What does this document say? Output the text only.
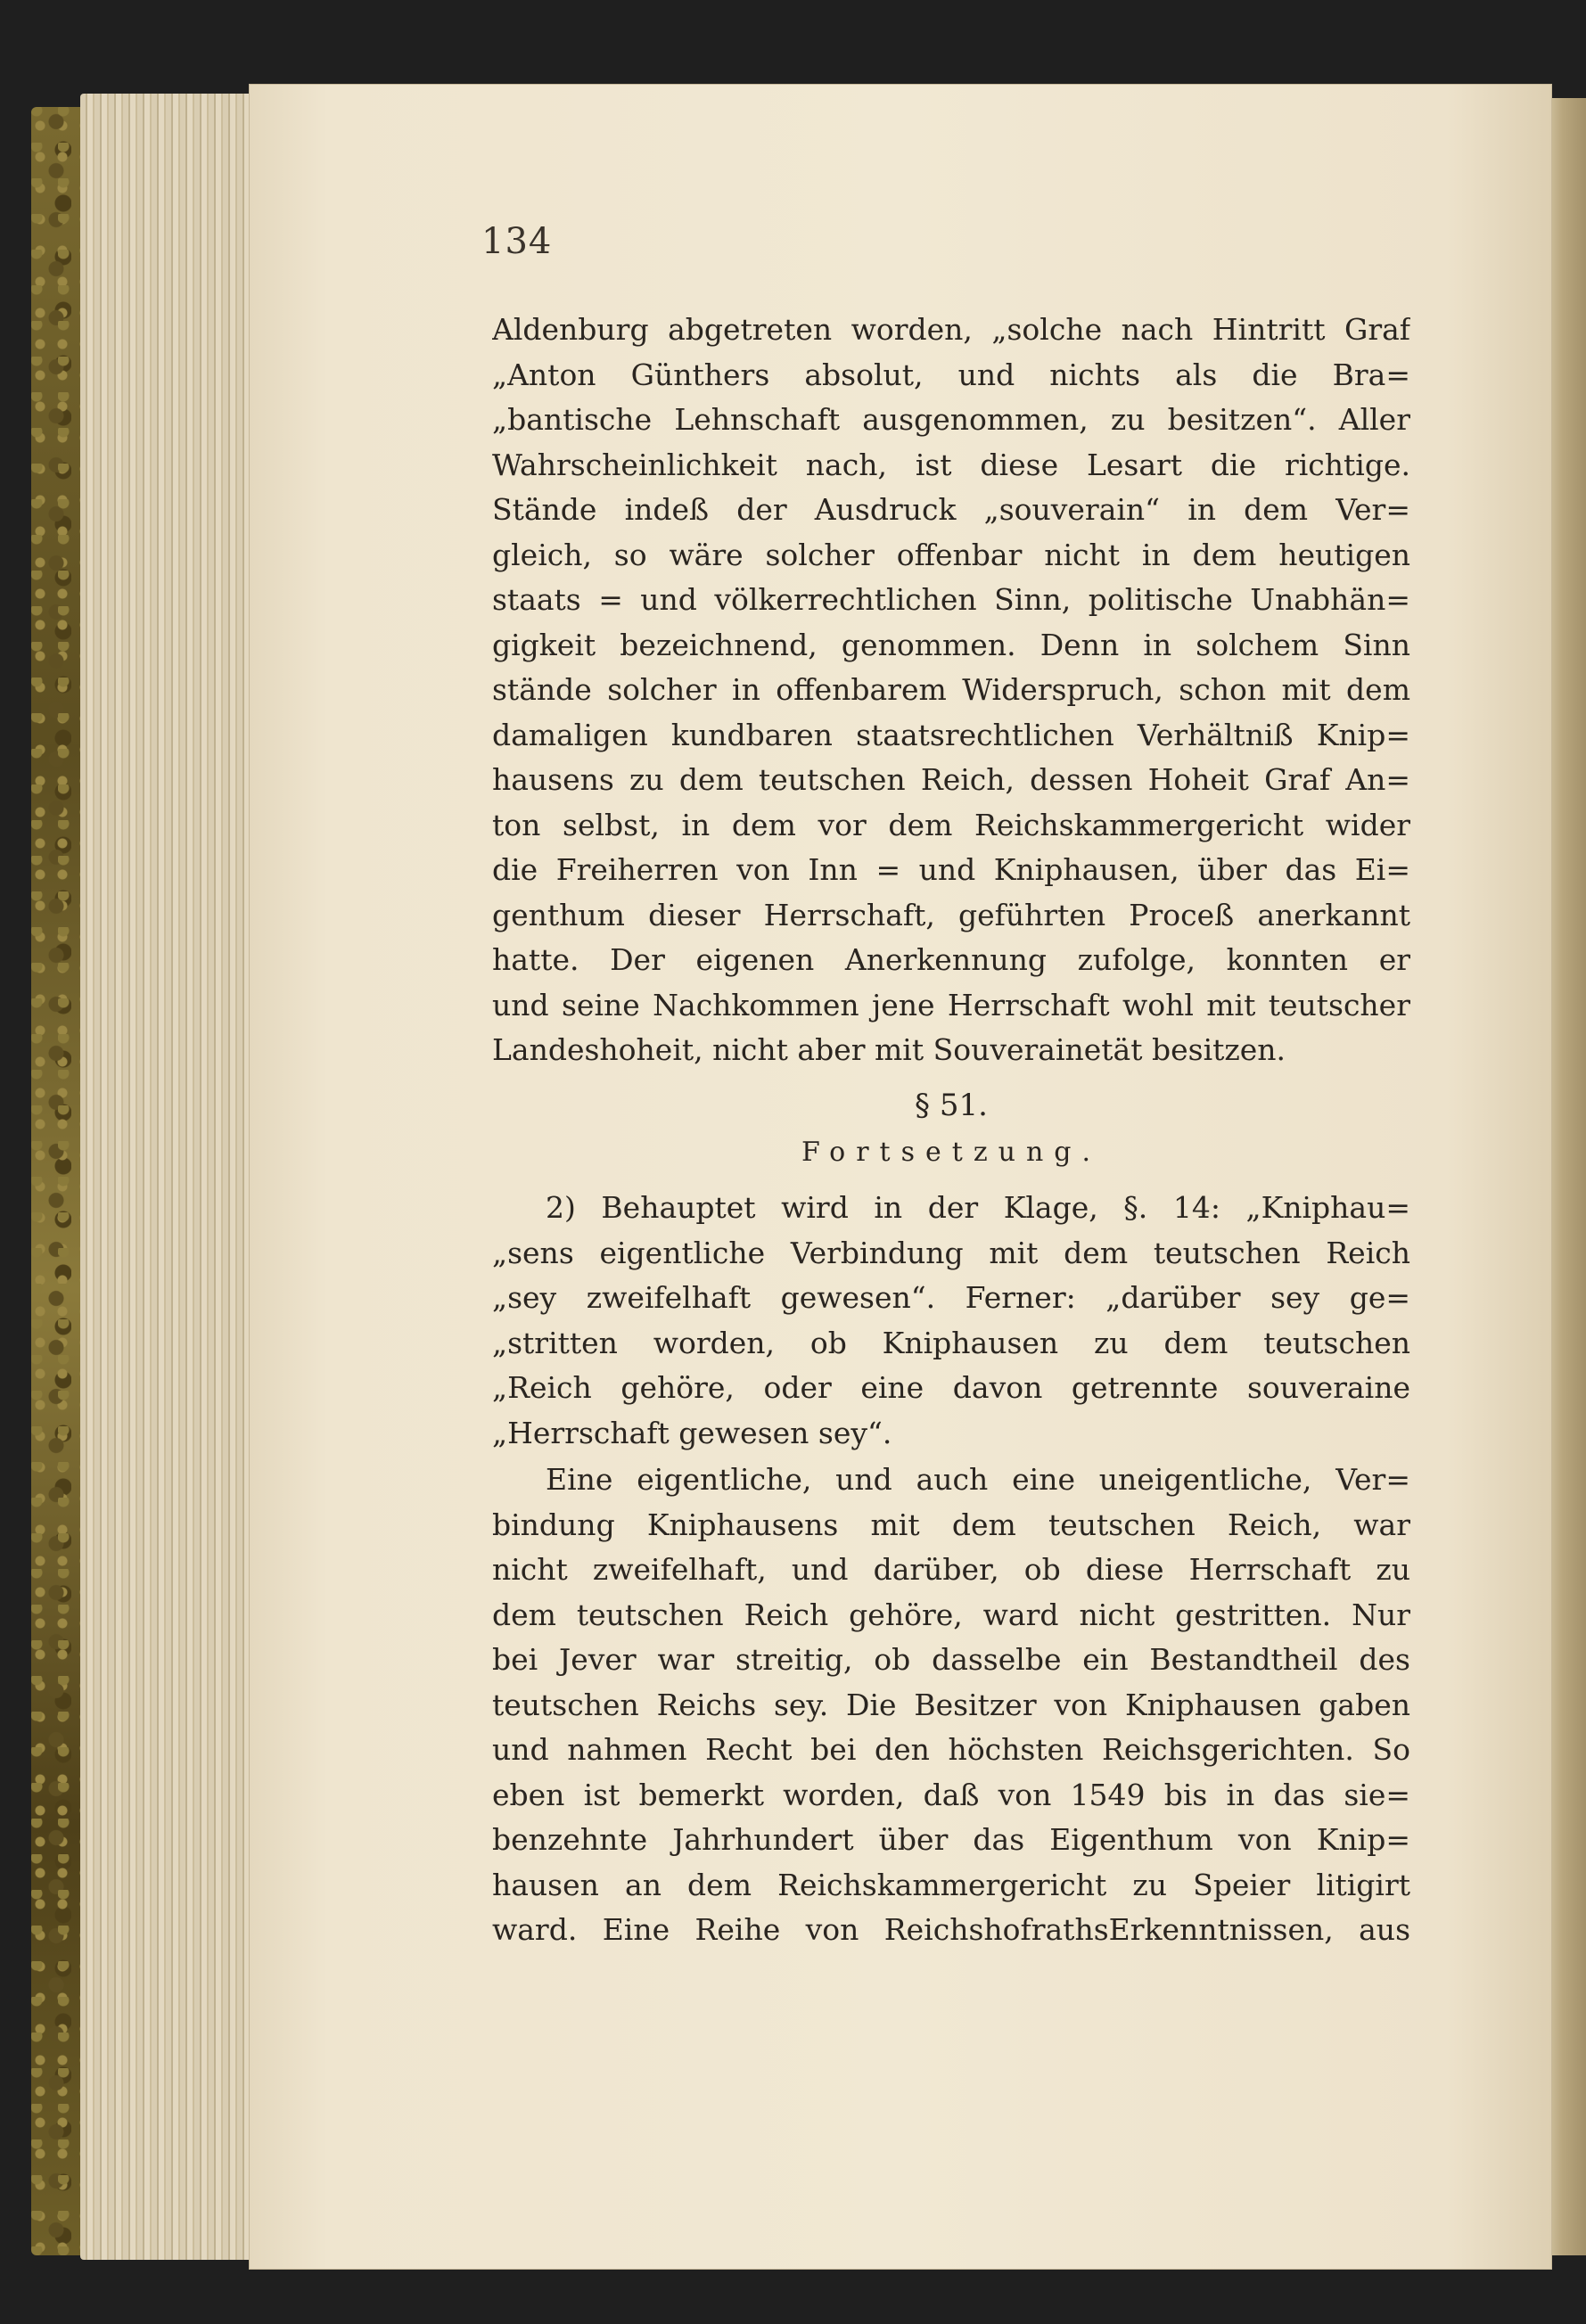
134
Aldenburg abgetreten worden, „solche nach Hintritt Graf
„Anton Günthers absolut, und nichts als die Bra=
„bantische Lehnschaft ausgenommen, zu besitzen“. Aller
Wahrscheinlichkeit nach, ist diese Lesart die richtige.
Stände indeß der Ausdruck „souverain“ in dem Ver=
gleich, so wäre solcher offenbar nicht in dem heutigen
staats = und völkerrechtlichen Sinn, politische Unabhän=
gigkeit bezeichnend, genommen. Denn in solchem Sinn
stände solcher in offenbarem Widerspruch, schon mit dem
damaligen kundbaren staatsrechtlichen Verhältniß Knip=
hausens zu dem teutschen Reich, dessen Hoheit Graf An=
ton selbst, in dem vor dem Reichskammergericht wider
die Freiherren von Inn = und Kniphausen, über das Ei=
genthum dieser Herrschaft, geführten Proceß anerkannt
hatte. Der eigenen Anerkennung zufolge, konnten er
und seine Nachkommen jene Herrschaft wohl mit teutscher
Landeshoheit, nicht aber mit Souverainetät besitzen.
§ 51.
Fortsetzung.
2) Behauptet wird in der Klage, §. 14: „Kniphau=
„sens eigentliche Verbindung mit dem teutschen Reich
„sey zweifelhaft gewesen“. Ferner: „darüber sey ge=
„stritten worden, ob Kniphausen zu dem teutschen
„Reich gehöre, oder eine davon getrennte souveraine
„Herrschaft gewesen sey“.
Eine eigentliche, und auch eine uneigentliche, Ver=
bindung Kniphausens mit dem teutschen Reich, war
nicht zweifelhaft, und darüber, ob diese Herrschaft zu
dem teutschen Reich gehöre, ward nicht gestritten. Nur
bei Jever war streitig, ob dasselbe ein Bestandtheil des
teutschen Reichs sey. Die Besitzer von Kniphausen gaben
und nahmen Recht bei den höchsten Reichsgerichten. So
eben ist bemerkt worden, daß von 1549 bis in das sie=
benzehnte Jahrhundert über das Eigenthum von Knip=
hausen an dem Reichskammergericht zu Speier litigirt
ward. Eine Reihe von ReichshofrathsErkenntnissen, aus
